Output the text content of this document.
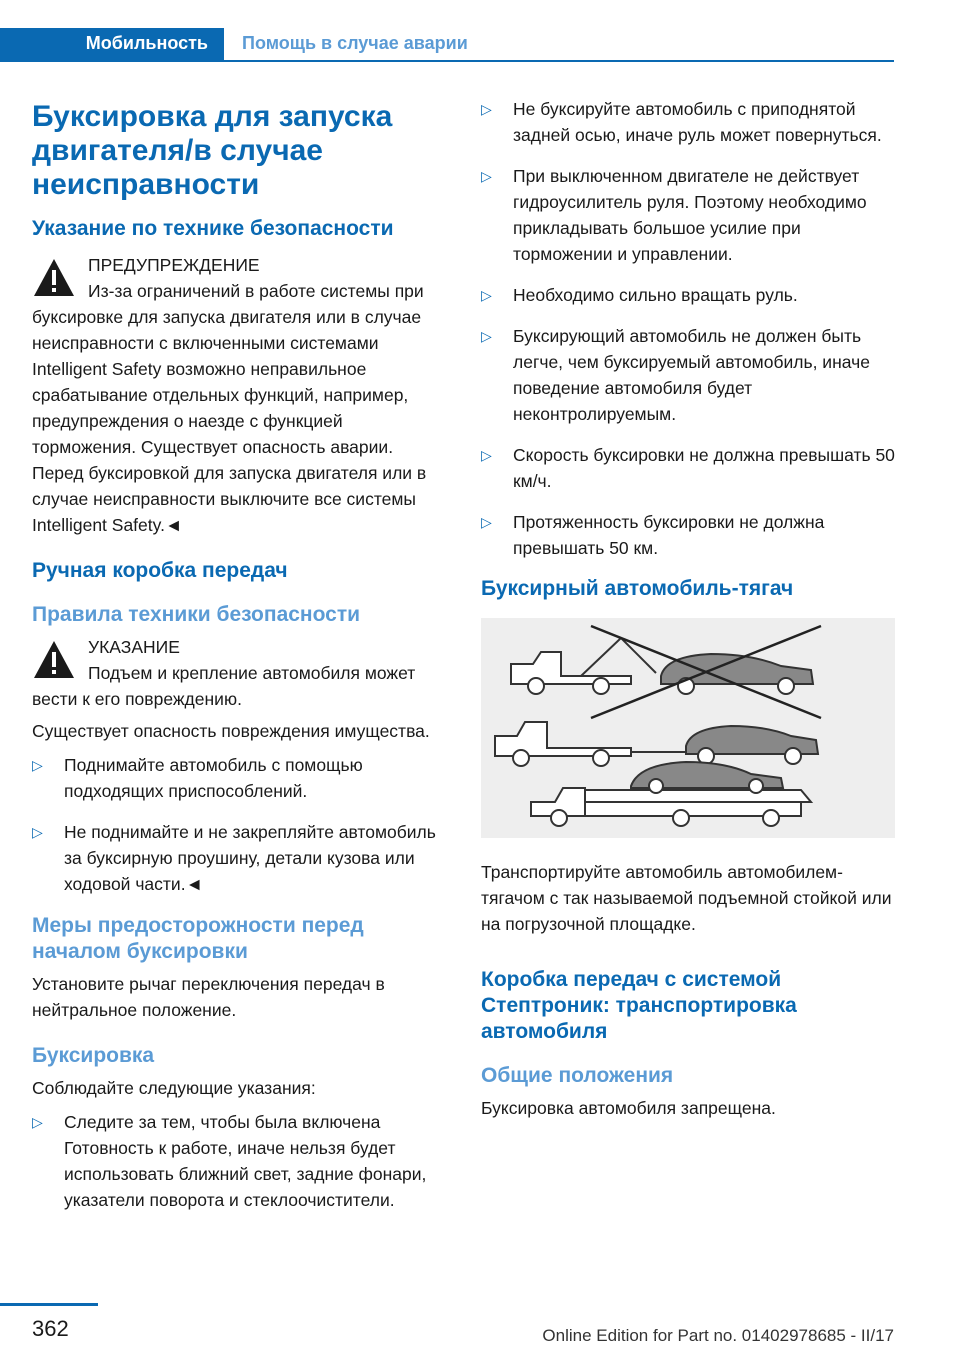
Мобильность	Помощь в случае аварии
Буксировка для запуска двигателя/в случае неисправности
Указание по технике безопасности

ПРЕДУПРЕЖДЕНИЕ

Из-за ограничений в работе системы при буксировке для запуска двигателя или в случае неисправности с включенными системами Intelligent Safety возможно неправильное срабатывание отдельных функций, например, предупреждения о наезде с функцией торможения. Существует опасность аварии. Перед буксировкой для запуска двигателя или в случае неисправности выключите все системы Intelligent Safety.◄

Ручная коробка передач
Правила техники безопасности

УКАЗАНИЕ

Подъем и крепление автомобиля может вести к его повреждению.

Существует опасность повреждения имущества.

▷ Поднимайте автомобиль с помощью подходящих приспособлений.
▷ Не поднимайте и не закрепляйте автомобиль за буксирную проушину, детали кузова или ходовой части.◄
Меры предосторожности перед началом буксировки

Установите рычаг переключения передач в нейтральное положение.

Буксировка

Соблюдайте следующие указания:

▷ Следите за тем, чтобы была включена Готовность к работе, иначе нельзя будет использовать ближний свет, задние фонари, указатели поворота и стеклоочистители.
▷ Не буксируйте автомобиль с приподнятой задней осью, иначе руль может повернуться.
▷ При выключенном двигателе не действует гидроусилитель руля. Поэтому необходимо прикладывать большое усилие при торможении и управлении.
▷ Необходимо сильно вращать руль.
▷ Буксирующий автомобиль не должен быть легче, чем буксируемый автомобиль, иначе поведение автомобиля будет неконтролируемым.
▷ Скорость буксировки не должна превышать 50 км/ч.
▷ Протяженность буксировки не должна превышать 50 км.
Буксирный автомобиль-тягач

Транспортируйте автомобиль автомобилем-тягачом с так называемой подъемной стойкой или на погрузочной площадке.

Коробка передач с системой Стептроник: транспортировка автомобиля
Общие положения

Буксировка автомобиля запрещена.

362	Online Edition for Part no. 01402978685 - II/17
